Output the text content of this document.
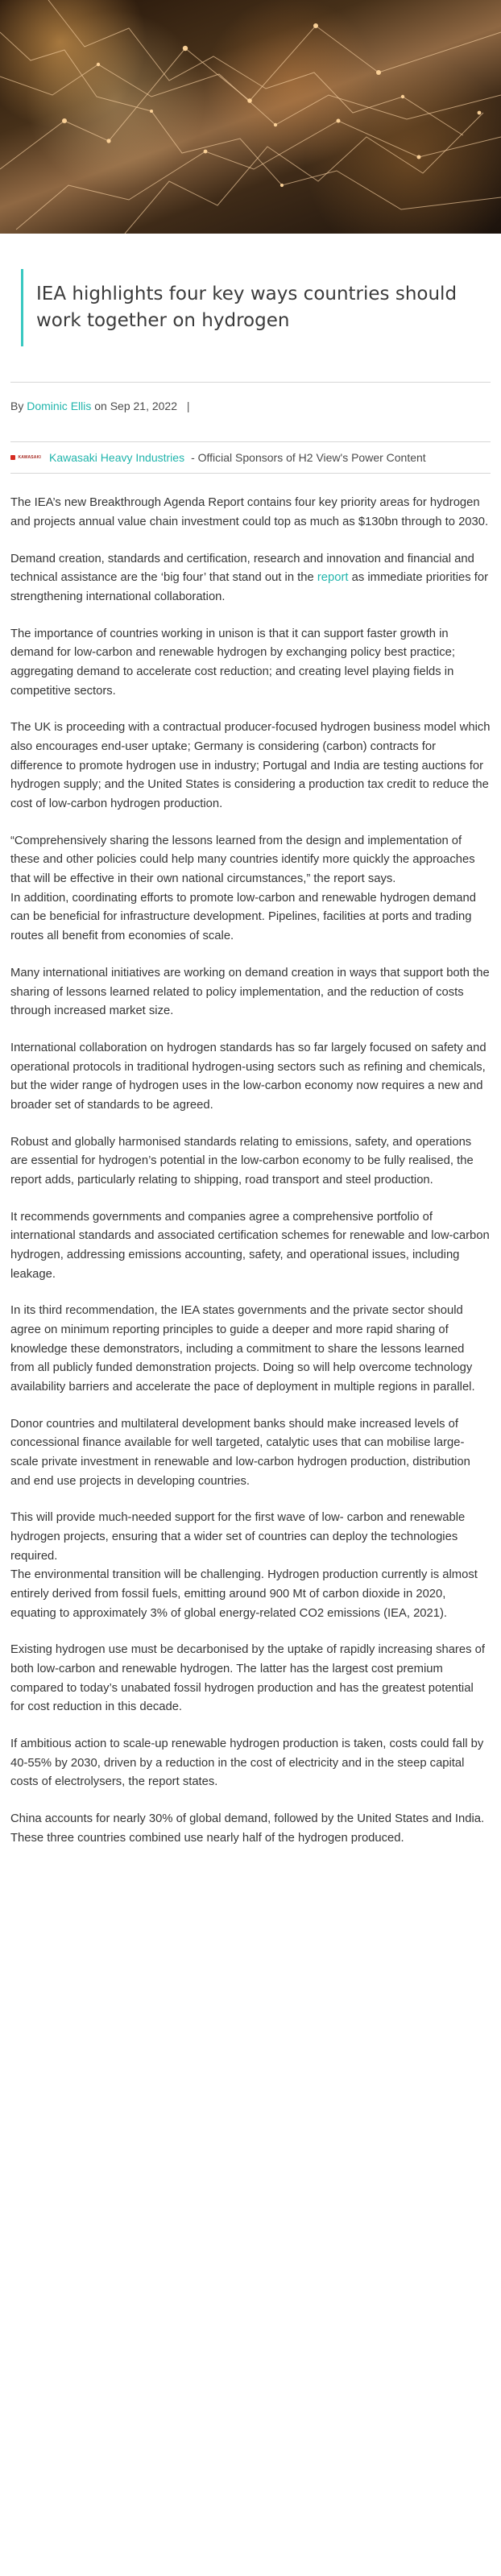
IEA highlights four key ways countries should work together on hydrogen
By Dominic Ellis on Sep 21, 2022 |
KAWASAKI Kawasaki Heavy Industries - Official Sponsors of H2 View's Power Content

The IEA’s new Breakthrough Agenda Report contains four key priority areas for hydrogen and projects annual value chain investment could top as much as $130bn through to 2030.

Demand creation, standards and certification, research and innovation and financial and technical assistance are the ‘big four’ that stand out in the report as immediate priorities for strengthening international collaboration.

The importance of countries working in unison is that it can support faster growth in demand for low-carbon and renewable hydrogen by exchanging policy best practice; aggregating demand to accelerate cost reduction; and creating level playing fields in competitive sectors.

The UK is proceeding with a contractual producer-focused hydrogen business model which also encourages end-user uptake; Germany is considering (carbon) contracts for difference to promote hydrogen use in industry; Portugal and India are testing auctions for hydrogen supply; and the United States is considering a production tax credit to reduce the cost of low-carbon hydrogen production.

“Comprehensively sharing the lessons learned from the design and implementation of these and other policies could help many countries identify more quickly the approaches that will be effective in their own national circumstances,” the report says.

In addition, coordinating efforts to promote low-carbon and renewable hydrogen demand can be beneficial for infrastructure development. Pipelines, facilities at ports and trading routes all benefit from economies of scale.

Many international initiatives are working on demand creation in ways that support both the sharing of lessons learned related to policy implementation, and the reduction of costs through increased market size.

International collaboration on hydrogen standards has so far largely focused on safety and operational protocols in traditional hydrogen-using sectors such as refining and chemicals, but the wider range of hydrogen uses in the low-carbon economy now requires a new and broader set of standards to be agreed.

Robust and globally harmonised standards relating to emissions, safety, and operations are essential for hydrogen’s potential in the low-carbon economy to be fully realised, the report adds, particularly relating to shipping, road transport and steel production.

It recommends governments and companies agree a comprehensive portfolio of international standards and associated certification schemes for renewable and low-carbon hydrogen, addressing emissions accounting, safety, and operational issues, including leakage.

In its third recommendation, the IEA states governments and the private sector should agree on minimum reporting principles to guide a deeper and more rapid sharing of knowledge these demonstrators, including a commitment to share the lessons learned from all publicly funded demonstration projects. Doing so will help overcome technology availability barriers and accelerate the pace of deployment in multiple regions in parallel.

Donor countries and multilateral development banks should make increased levels of concessional finance available for well targeted, catalytic uses that can mobilise large-scale private investment in renewable and low-carbon hydrogen production, distribution and end use projects in developing countries.

This will provide much-needed support for the first wave of low- carbon and renewable hydrogen projects, ensuring that a wider set of countries can deploy the technologies required.

The environmental transition will be challenging. Hydrogen production currently is almost entirely derived from fossil fuels, emitting around 900 Mt of carbon dioxide in 2020, equating to approximately 3% of global energy-related CO2 emissions (IEA, 2021).

Existing hydrogen use must be decarbonised by the uptake of rapidly increasing shares of both low-carbon and renewable hydrogen. The latter has the largest cost premium compared to today’s unabated fossil hydrogen production and has the greatest potential for cost reduction in this decade.

If ambitious action to scale-up renewable hydrogen production is taken, costs could fall by 40-55% by 2030, driven by a reduction in the cost of electricity and in the steep capital costs of electrolysers, the report states.

China accounts for nearly 30% of global demand, followed by the United States and India. These three countries combined use nearly half of the hydrogen produced.
